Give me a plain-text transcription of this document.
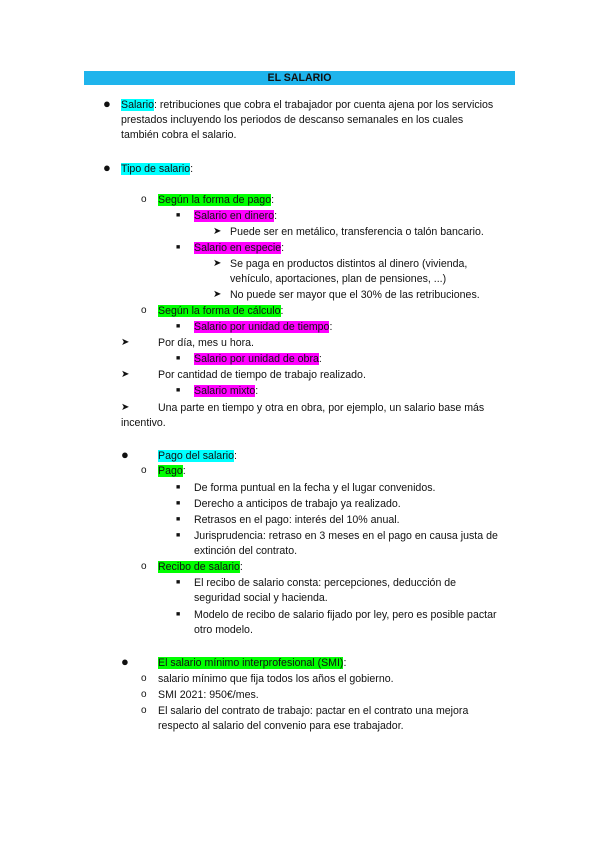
EL SALARIO
● Salario: retribuciones que cobra el trabajador por cuenta ajena por los servicios
prestados incluyendo los periodos de descanso semanales en los cuales
también cobra el salario.
● Tipo de salario:
o Según la forma de pago:
■ Salario en dinero:
➤ Puede ser en metálico, transferencia o talón bancario.
■ Salario en especie:
➤ Se paga en productos distintos al dinero (vivienda,
vehículo, aportaciones, plan de pensiones, ...)
➤ No puede ser mayor que el 30% de las retribuciones.
o Según la forma de cálculo:
■ Salario por unidad de tiempo:
➤	Por día, mes u hora.
■ Salario por unidad de obra:
➤	Por cantidad de tiempo de trabajo realizado.
■ Salario mixto:
➤	Una parte en tiempo y otra en obra, por ejemplo, un salario base más
incentivo.
●	Pago del salario:
o Pago:
■ De forma puntual en la fecha y el lugar convenidos.
■ Derecho a anticipos de trabajo ya realizado.
■ Retrasos en el pago: interés del 10% anual.
■ Jurisprudencia: retraso en 3 meses en el pago en causa justa de
extinción del contrato.
o Recibo de salario:
■ El recibo de salario consta: percepciones, deducción de
seguridad social y hacienda.
■ Modelo de recibo de salario fijado por ley, pero es posible pactar
otro modelo.
●	El salario mínimo interprofesional (SMI):
o salario mínimo que fija todos los años el gobierno.
o SMI 2021: 950€/mes.
o El salario del contrato de trabajo: pactar en el contrato una mejora
respecto al salario del convenio para ese trabajador.
